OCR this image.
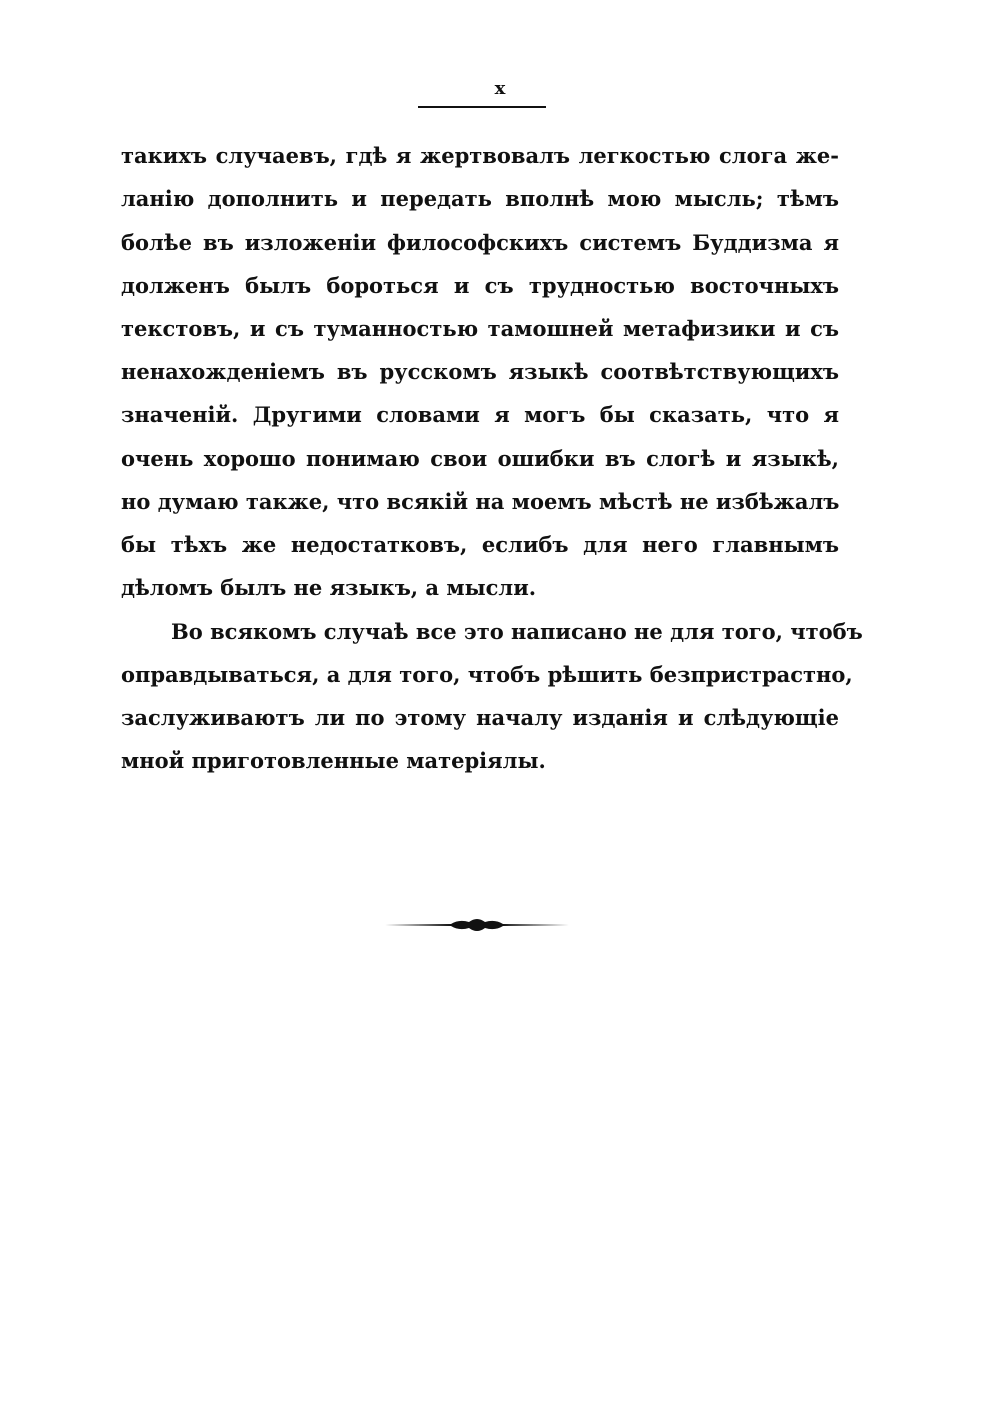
x
такихъ случаевъ, гдѣ я жертвовалъ легкостью слога же-
ланію дополнить и передать вполнѣ мою мысль; тѣмъ
болѣе въ изложеніи философскихъ системъ Буддизма я
долженъ былъ бороться и съ трудностью восточныхъ
текстовъ, и съ туманностью тамошней метафизики и съ
ненахожденіемъ въ русскомъ языкѣ соотвѣтствующихъ
значеній. Другими словами я могъ бы сказать, что я
очень хорошо понимаю свои ошибки въ слогѣ и языкѣ,
но думаю также, что всякій на моемъ мѣстѣ не избѣжалъ
бы тѣхъ же недостатковъ, еслибъ для него главнымъ
дѣломъ былъ не языкъ, а мысли.
Во всякомъ случаѣ все это написано не для того, чтобъ
оправдываться, а для того, чтобъ рѣшить безпристрастно,
заслуживаютъ ли по этому началу изданія и слѣдующіе
мной приготовленные матеріялы.
